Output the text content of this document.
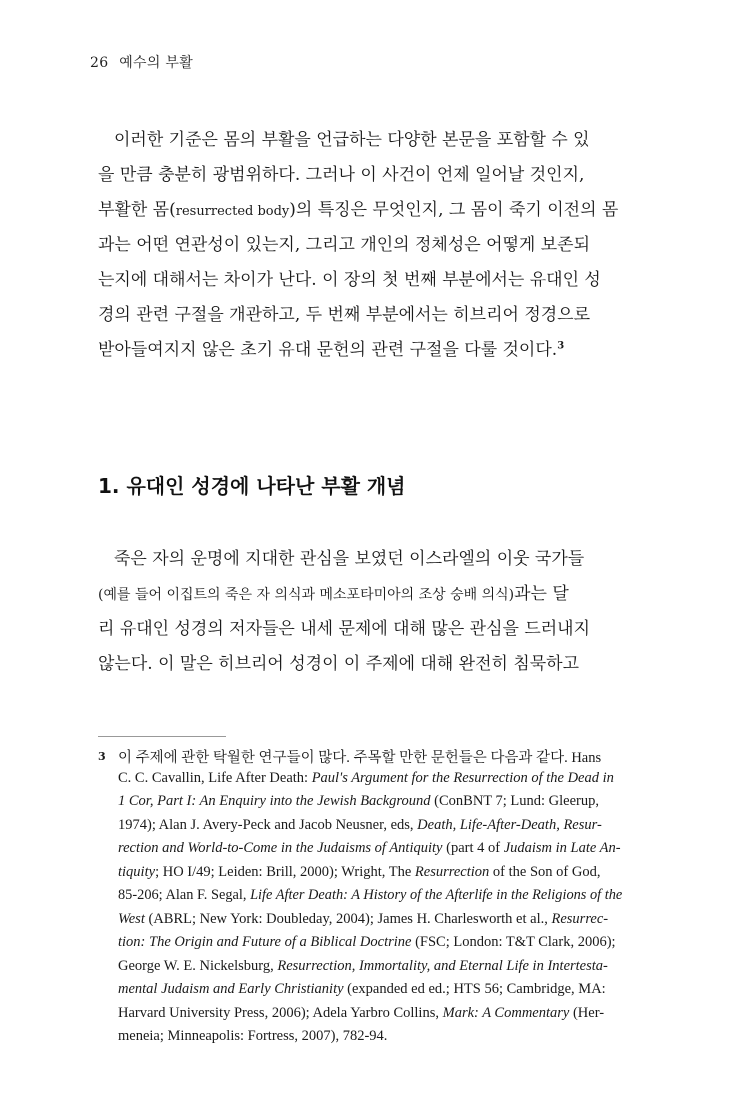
26 예수의 부활
이러한 기준은 몸의 부활을 언급하는 다양한 본문을 포함할 수 있
을 만큼 충분히 광범위하다. 그러나 이 사건이 언제 일어날 것인지,
부활한 몸(resurrected body)의 특징은 무엇인지, 그 몸이 죽기 이전의 몸
과는 어떤 연관성이 있는지, 그리고 개인의 정체성은 어떻게 보존되
는지에 대해서는 차이가 난다. 이 장의 첫 번째 부분에서는 유대인 성
경의 관련 구절을 개관하고, 두 번째 부분에서는 히브리어 정경으로
받아들여지지 않은 초기 유대 문헌의 관련 구절을 다룰 것이다.$^3$
1. 유대인 성경에 나타난 부활 개념
죽은 자의 운명에 지대한 관심을 보였던 이스라엘의 이웃 국가들
(예를 들어 이집트의 죽은 자 의식과 메소포타미아의 조상 숭배 의식)과는 달
리 유대인 성경의 저자들은 내세 문제에 대해 많은 관심을 드러내지
않는다. 이 말은 히브리어 성경이 이 주제에 대해 완전히 침묵하고
3 이 주제에 관한 탁월한 연구들이 많다. 주목할 만한 문헌들은 다음과 같다. Hans
C. C. Cavallin, Life After Death: Paul's Argument for the Resurrection of the Dead in
1 Cor, Part I: An Enquiry into the Jewish Background (ConBNT 7; Lund: Gleerup,
1974); Alan J. Avery-Peck and Jacob Neusner, eds, Death, Life-After-Death, Resur-
rection and World-to-Come in the Judaisms of Antiquity (part 4 of Judaism in Late An-
tiquity; HO I/49; Leiden: Brill, 2000); Wright, The Resurrection of the Son of God,
85-206; Alan F. Segal, Life After Death: A History of the Afterlife in the Religions of the
West (ABRL; New York: Doubleday, 2004); James H. Charlesworth et al., Resurrec-
tion: The Origin and Future of a Biblical Doctrine (FSC; London: T&T Clark, 2006);
George W. E. Nickelsburg, Resurrection, Immortality, and Eternal Life in Intertesta-
mental Judaism and Early Christianity (expanded ed ed.; HTS 56; Cambridge, MA:
Harvard University Press, 2006); Adela Yarbro Collins, Mark: A Commentary (Her-
meneia; Minneapolis: Fortress, 2007), 782-94.
